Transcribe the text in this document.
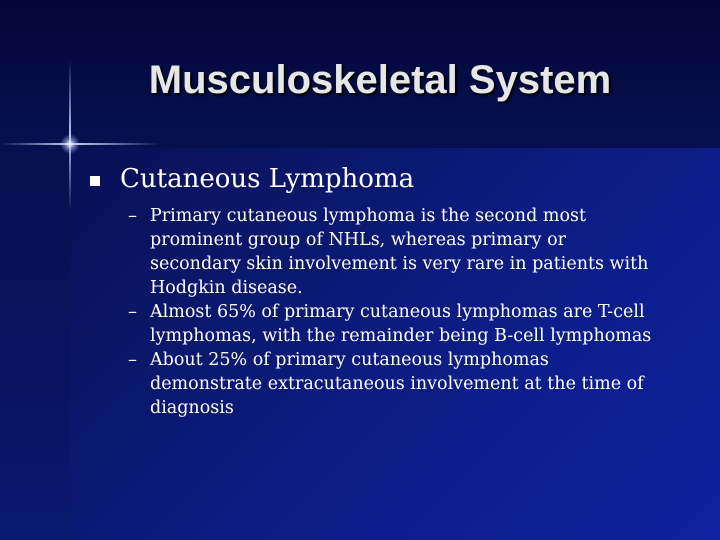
Musculoskeletal System

Cutaneous Lymphoma

– Primary cutaneous lymphoma is the second most prominent group of NHLs, whereas primary or secondary skin involvement is very rare in patients with Hodgkin disease.

– Almost 65% of primary cutaneous lymphomas are T-cell lymphomas, with the remainder being B-cell lymphomas

– About 25% of primary cutaneous lymphomas demonstrate extracutaneous involvement at the time of diagnosis
